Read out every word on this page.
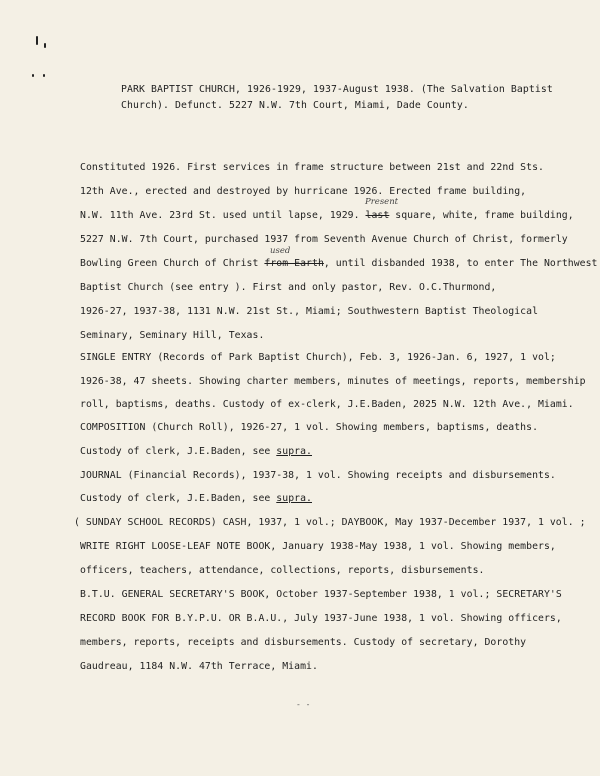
PARK BAPTIST CHURCH, 1926-1929, 1937-August 1938. (The Salvation Baptist
Church). Defunct. 5227 N.W. 7th Court, Miami, Dade County.
Constituted 1926. First services in frame structure between 21st and 22nd Sts.
12th Ave., erected and destroyed by hurricane 1926. Erected frame building,
Present
N.W. 11th Ave. 23rd St. used until lapse, 1929. last square, white, frame building,
5227 N.W. 7th Court, purchased 1937 from Seventh Avenue Church of Christ, formerly
used
Bowling Green Church of Christ from Earth, until disbanded 1938, to enter The Northwest
Baptist Church (see entry ). First and only pastor, Rev. O.C.Thurmond,
1926-27, 1937-38, 1131 N.W. 21st St., Miami; Southwestern Baptist Theological
Seminary, Seminary Hill, Texas.
SINGLE ENTRY (Records of Park Baptist Church), Feb. 3, 1926-Jan. 6, 1927, 1 vol;
1926-38, 47 sheets. Showing charter members, minutes of meetings, reports, membership
roll, baptisms, deaths. Custody of ex-clerk, J.E.Baden, 2025 N.W. 12th Ave., Miami.
COMPOSITION (Church Roll), 1926-27, 1 vol. Showing members, baptisms, deaths.
Custody of clerk, J.E.Baden, see supra.
JOURNAL (Financial Records), 1937-38, 1 vol. Showing receipts and disbursements.
Custody of clerk, J.E.Baden, see supra.
( SUNDAY SCHOOL RECORDS) CASH, 1937, 1 vol.; DAYBOOK, May 1937-December 1937, 1 vol. ;
WRITE RIGHT LOOSE-LEAF NOTE BOOK, January 1938-May 1938, 1 vol. Showing members,
officers, teachers, attendance, collections, reports, disbursements.
B.T.U. GENERAL SECRETARY'S BOOK, October 1937-September 1938, 1 vol.; SECRETARY'S
RECORD BOOK FOR B.Y.P.U. OR B.A.U., July 1937-June 1938, 1 vol. Showing officers,
members, reports, receipts and disbursements. Custody of secretary, Dorothy
Gaudreau, 1184 N.W. 47th Terrace, Miami.
- -
